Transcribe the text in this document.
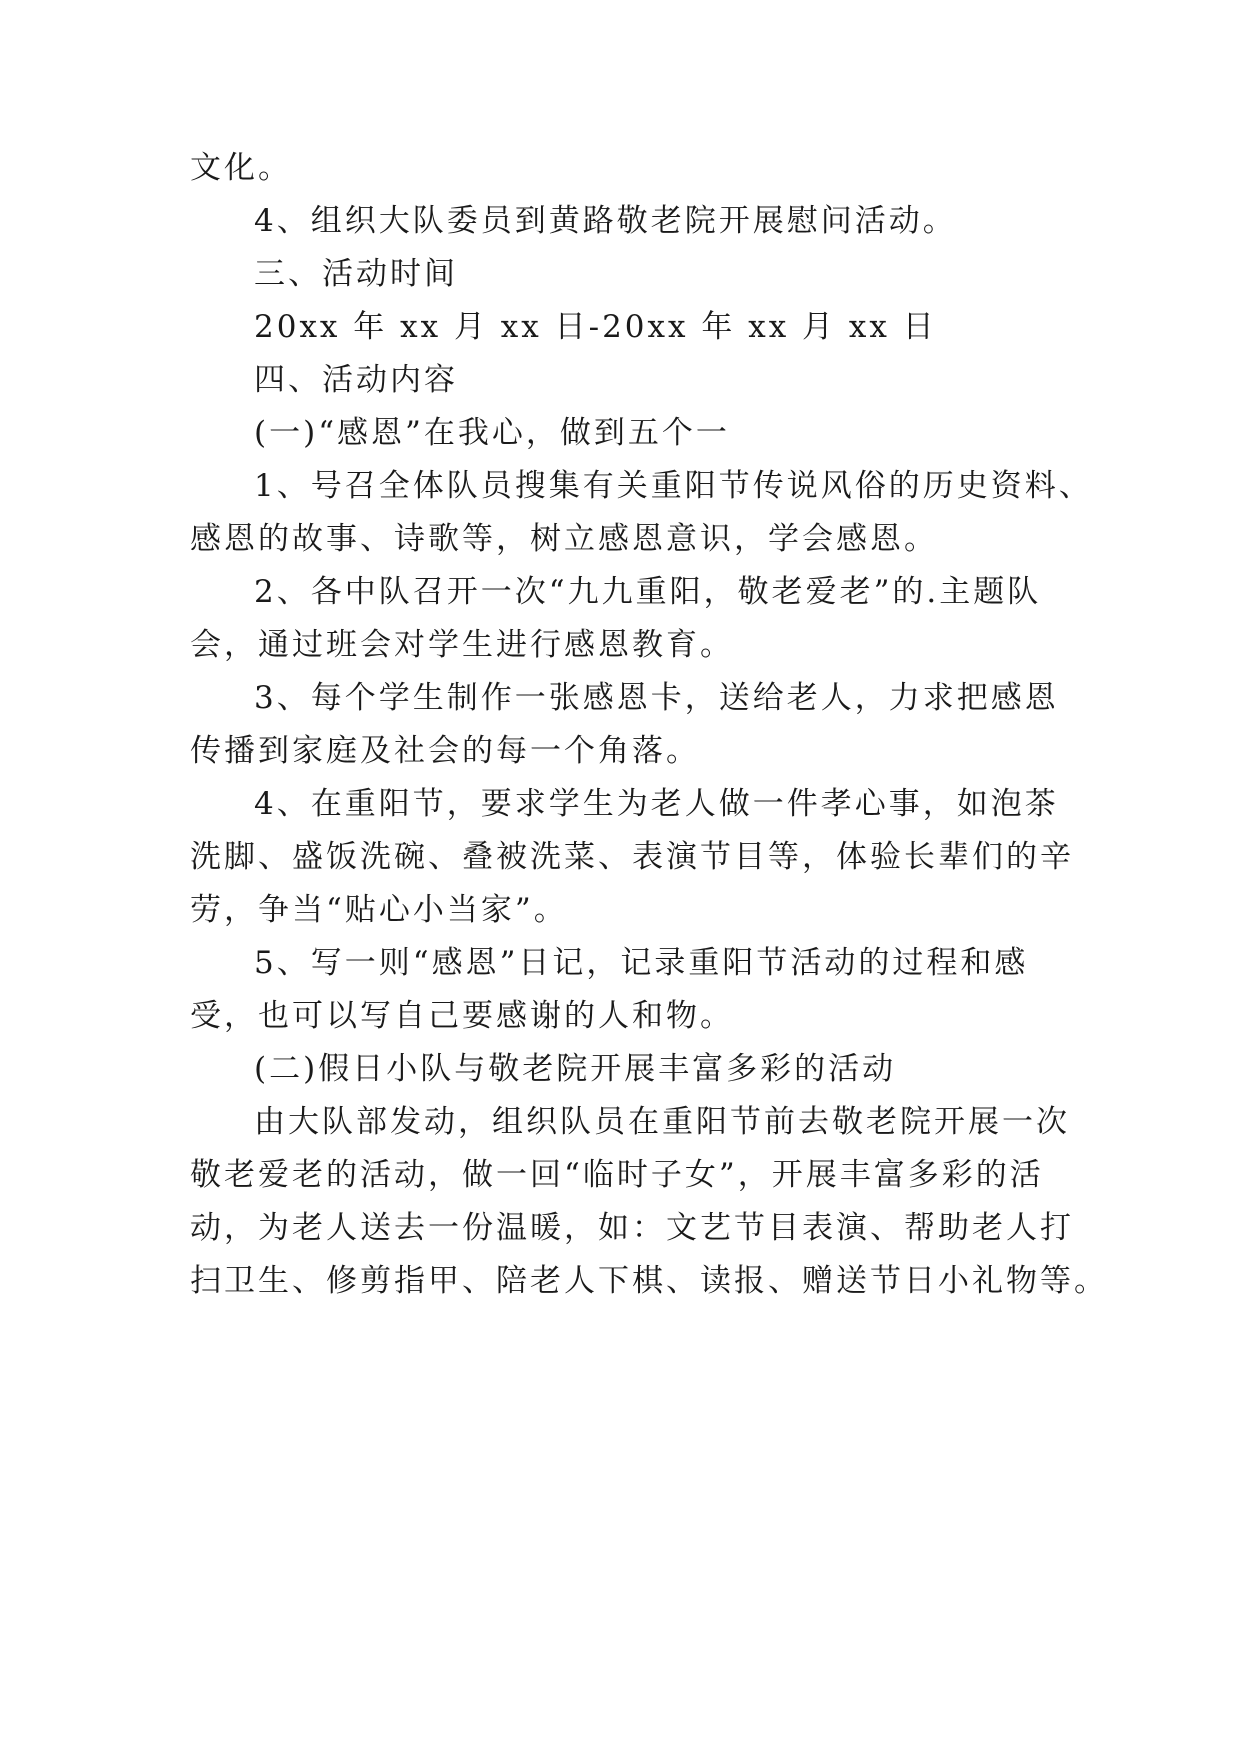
文化。
4、组织大队委员到黄路敬老院开展慰问活动。
三、活动时间
20xx 年 xx 月 xx 日-20xx 年 xx 月 xx 日
四、活动内容
(一)“感恩”在我心，做到五个一
1、号召全体队员搜集有关重阳节传说风俗的历史资料、
感恩的故事、诗歌等，树立感恩意识，学会感恩。
2、各中队召开一次“九九重阳，敬老爱老”的.主题队
会，通过班会对学生进行感恩教育。
3、每个学生制作一张感恩卡，送给老人，力求把感恩
传播到家庭及社会的每一个角落。
4、在重阳节，要求学生为老人做一件孝心事，如泡茶
洗脚、盛饭洗碗、叠被洗菜、表演节目等，体验长辈们的辛
劳，争当“贴心小当家”。
5、写一则“感恩”日记，记录重阳节活动的过程和感
受，也可以写自己要感谢的人和物。
(二)假日小队与敬老院开展丰富多彩的活动
由大队部发动，组织队员在重阳节前去敬老院开展一次
敬老爱老的活动，做一回“临时子女”，开展丰富多彩的活
动，为老人送去一份温暖，如：文艺节目表演、帮助老人打
扫卫生、修剪指甲、陪老人下棋、读报、赠送节日小礼物等。
